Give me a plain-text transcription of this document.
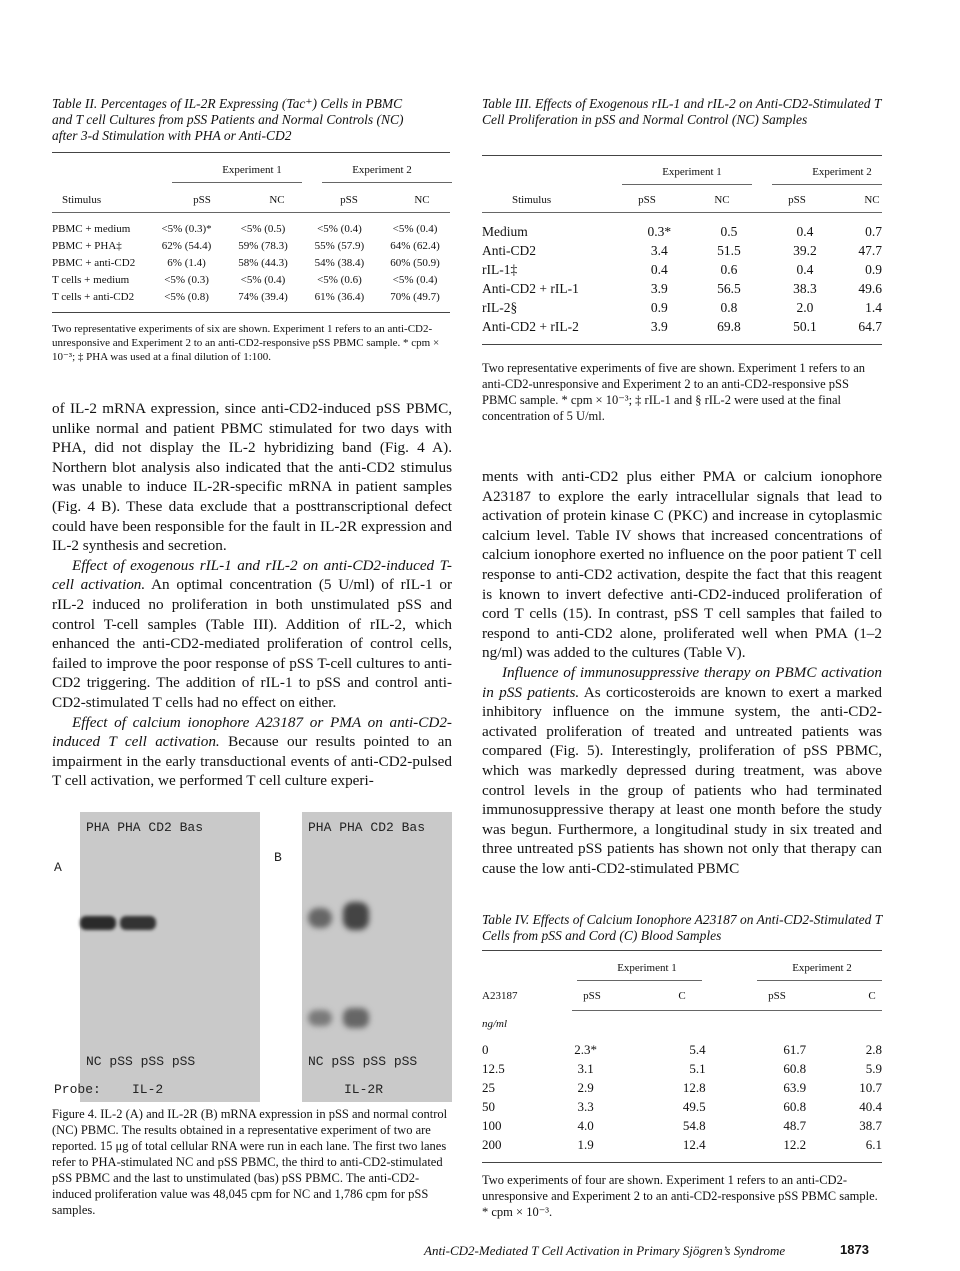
Table II. Percentages of IL-2R Expressing (Tac⁺) Cells in PBMC and T cell Cultures from pSS Patients and Normal Controls (NC) after 3-d Stimulation with PHA or Anti-CD2
Experiment 1	Experiment 2
Stimulus	pSS	NC	pSS	NC
PBMC + medium	<5% (0.3)*	<5% (0.5)	<5% (0.4)	<5% (0.4)
PBMC + PHA‡	62% (54.4)	59% (78.3)	55% (57.9)	64% (62.4)
PBMC + anti-CD2	6% (1.4)	58% (44.3)	54% (38.4)	60% (50.9)
T cells + medium	<5% (0.3)	<5% (0.4)	<5% (0.6)	<5% (0.4)
T cells + anti-CD2	<5% (0.8)	74% (39.4)	61% (36.4)	70% (49.7)
Two representative experiments of six are shown. Experiment 1 refers to an anti-CD2-unresponsive and Experiment 2 to an anti-CD2-responsive pSS PBMC sample. * cpm × 10⁻³; ‡ PHA was used at a final dilution of 1:100.
Table III. Effects of Exogenous rIL-1 and rIL-2 on Anti-CD2-Stimulated T Cell Proliferation in pSS and Normal Control (NC) Samples
Experiment 1	Experiment 2
Stimulus	pSS	NC	pSS	NC
Medium	0.3*	0.5	0.4	0.7
Anti-CD2	3.4	51.5	39.2	47.7
rIL-1‡	0.4	0.6	0.4	0.9
Anti-CD2 + rIL-1	3.9	56.5	38.3	49.6
rIL-2§	0.9	0.8	2.0	1.4
Anti-CD2 + rIL-2	3.9	69.8	50.1	64.7
Two representative experiments of five are shown. Experiment 1 refers to an anti-CD2-unresponsive and Experiment 2 to an anti-CD2-responsive pSS PBMC sample. * cpm × 10⁻³; ‡ rIL-1 and § rIL-2 were used at the final concentration of 5 U/ml.

of IL-2 mRNA expression, since anti-CD2-induced pSS PBMC, unlike normal and patient PBMC stimulated for two days with PHA, did not display the IL-2 hybridizing band (Fig. 4 A). Northern blot analysis also indicated that the anti-CD2 stimulus was unable to induce IL-2R-specific mRNA in patient samples (Fig. 4 B). These data exclude that a posttranscriptional defect could have been responsible for the fault in IL-2R expression and IL-2 synthesis and secretion.

Effect of exogenous rIL-1 and rIL-2 on anti-CD2-induced T-cell activation. An optimal concentration (5 U/ml) of rIL-1 or rIL-2 induced no proliferation in both unstimulated pSS and control T-cell samples (Table III). Addition of rIL-2, which enhanced the anti-CD2-mediated proliferation of control cells, failed to improve the poor response of pSS T-cell cultures to anti-CD2 triggering. The addition of rIL-1 to pSS and control anti-CD2-stimulated T cells had no effect on either.

Effect of calcium ionophore A23187 or PMA on anti-CD2-induced T cell activation. Because our results pointed to an impairment in the early transductional events of anti-CD2-pulsed T cell activation, we performed T cell culture experi-

ments with anti-CD2 plus either PMA or calcium ionophore A23187 to explore the early intracellular signals that lead to activation of protein kinase C (PKC) and increase in cytoplasmic calcium level. Table IV shows that increased concentrations of calcium ionophore exerted no influence on the poor patient T cell response to anti-CD2 activation, despite the fact that this reagent is known to invert defective anti-CD2-induced proliferation of cord T cells (15). In contrast, pSS T cell samples that failed to respond to anti-CD2 alone, proliferated well when PMA (1–2 ng/ml) was added to the cultures (Table V).

Influence of immunosuppressive therapy on PBMC activation in pSS patients. As corticosteroids are known to exert a marked inhibitory influence on the immune system, the anti-CD2-activated proliferation of treated and untreated patients was compared (Fig. 5). Interestingly, proliferation of pSS PBMC, which was markedly depressed during treatment, was above control levels in the group of patients who had terminated immunosuppressive therapy at least one month before the study was begun. Furthermore, a longitudinal study in six treated and three untreated pSS patients has shown not only that therapy can cause the low anti-CD2-stimulated PBMC

PHA PHA CD2 Bas	PHA PHA CD2 Bas
A
B
NC pSS pSS pSS	NC pSS pSS pSS
Probe: IL-2	IL-2R
Figure 4. IL-2 (A) and IL-2R (B) mRNA expression in pSS and normal control (NC) PBMC. The results obtained in a representative experiment of two are reported. 15 μg of total cellular RNA were run in each lane. The first two lanes refer to PHA-stimulated NC and pSS PBMC, the third to anti-CD2-stimulated pSS PBMC and the last to unstimulated (bas) pSS PBMC. The anti-CD2-induced proliferation value was 48,045 cpm for NC and 1,786 cpm for pSS samples.
Table IV. Effects of Calcium Ionophore A23187 on Anti-CD2-Stimulated T Cells from pSS and Cord (C) Blood Samples
Experiment 1	Experiment 2
A23187	pSS	C	pSS	C
ng/ml
0	2.3*	5.4	61.7	2.8
12.5	3.1	5.1	60.8	5.9
25	2.9	12.8	63.9	10.7
50	3.3	49.5	60.8	40.4
100	4.0	54.8	48.7	38.7
200	1.9	12.4	12.2	6.1
Two experiments of four are shown. Experiment 1 refers to an anti-CD2-unresponsive and Experiment 2 to an anti-CD2-responsive pSS PBMC sample. * cpm × 10⁻³.
Anti-CD2-Mediated T Cell Activation in Primary Sjögren’s Syndrome	1873
